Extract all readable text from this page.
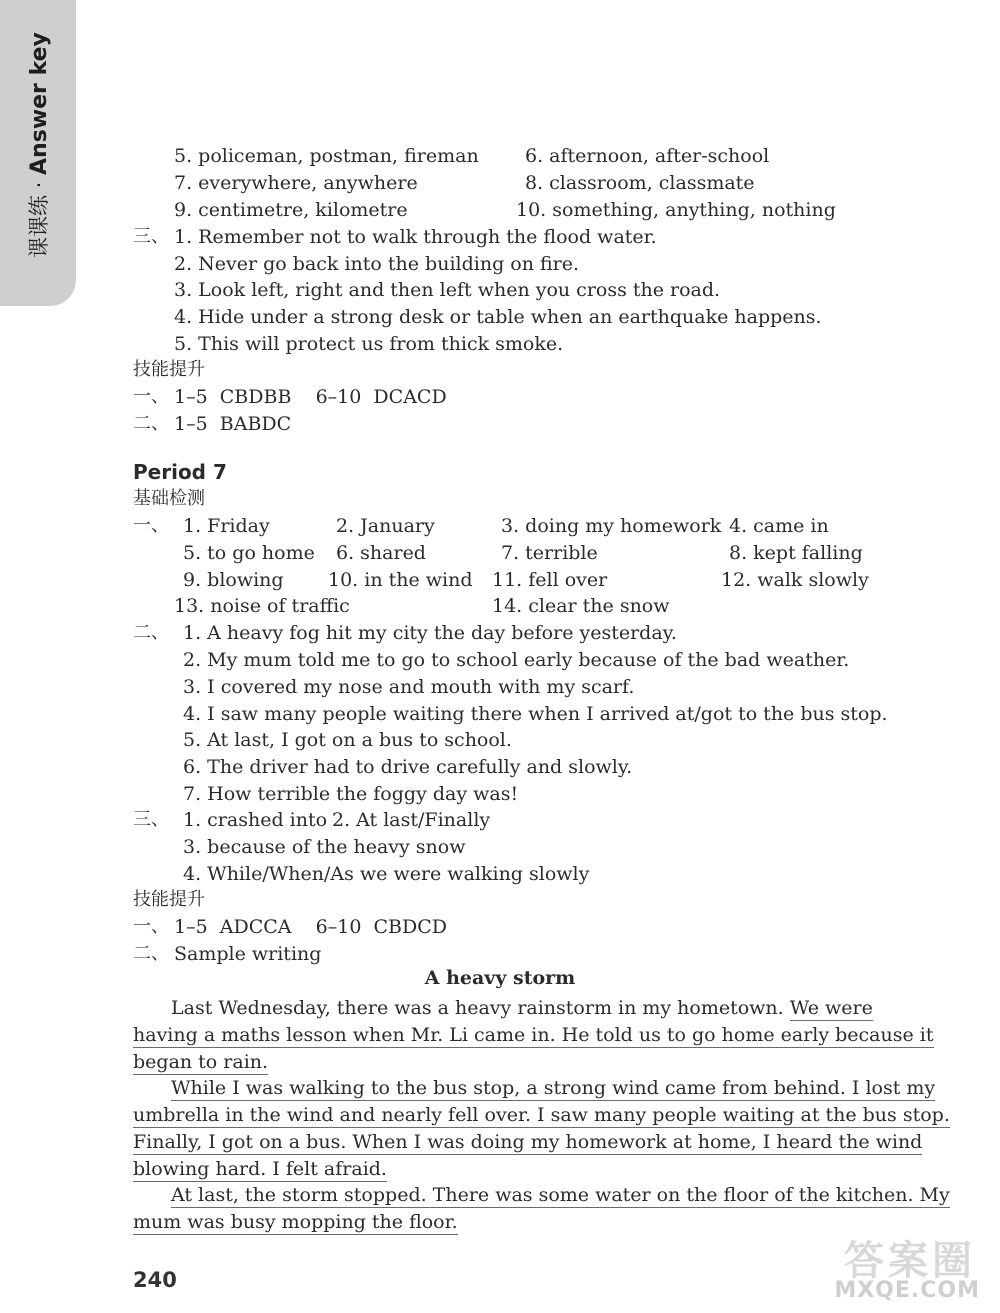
课课练 · Answer key	5. policeman, postman, fireman 6. afternoon, after-school
7. everywhere, anywhere	8. classroom, classmate
9. centimetre, kilometre	10. something, anything, nothing
三、 1. Remember not to walk through the flood water.
2. Never go back into the building on fire.
3. Look left, right and then left when you cross the road.
4. Hide under a strong desk or table when an earthquake happens.
5. This will protect us from thick smoke.
技能提升
一、 1–5  CBDBB    6–10  DCACD
二、 1–5  BABDC
Period 7
基础检测
一、 1. Friday	2. January	3. doing my homework 4. came in
5. to go home 6. shared	7. terrible	8. kept falling
9. blowing 10. in the wind 11. fell over	12. walk slowly
13. noise of traffic	14. clear the snow
二、 1. A heavy fog hit my city the day before yesterday.
2. My mum told me to go to school early because of the bad weather.
3. I covered my nose and mouth with my scarf.
4. I saw many people waiting there when I arrived at/got to the bus stop.
5. At last, I got on a bus to school.
6. The driver had to drive carefully and slowly.
7. How terrible the foggy day was!
三、 1. crashed into 2. At last/Finally
3. because of the heavy snow
4. While/When/As we were walking slowly
技能提升
一、 1–5  ADCCA    6–10  CBDCD
二、 Sample writing
A heavy storm
Last Wednesday, there was a heavy rainstorm in my hometown. We were
having a maths lesson when Mr. Li came in. He told us to go home early because it
began to rain.
While I was walking to the bus stop, a strong wind came from behind. I lost my
umbrella in the wind and nearly fell over. I saw many people waiting at the bus stop.
Finally, I got on a bus. When I was doing my homework at home, I heard the wind
blowing hard. I felt afraid.
At last, the storm stopped. There was some water on the floor of the kitchen. My
mum was busy mopping the floor.
240	答案圈
MXQE.COM
